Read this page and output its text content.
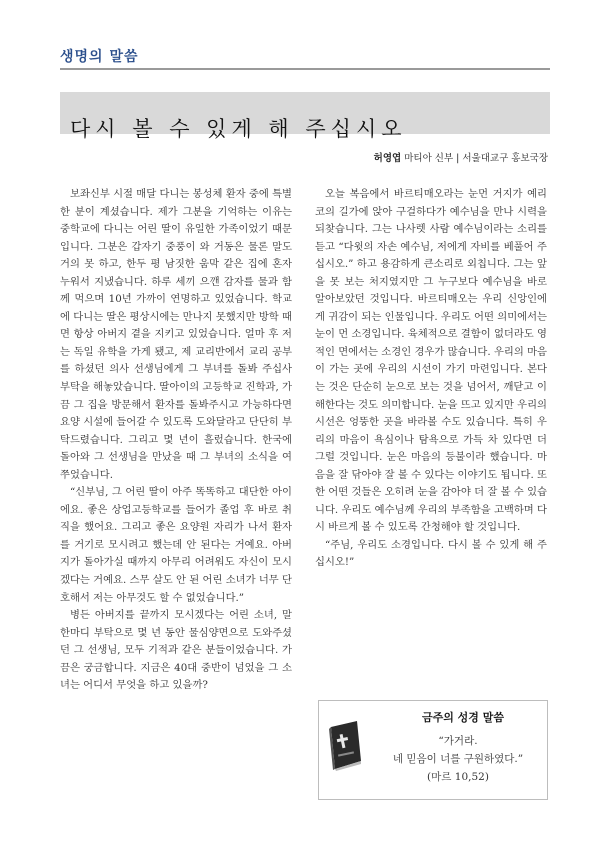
생명의 말씀
다시 볼 수 있게 해 주십시오
허영엽 마티아 신부 | 서울대교구 홍보국장

보좌신부 시절 매달 다니는 봉성체 환자 중에 특별한 분이 계셨습니다. 제가 그분을 기억하는 이유는 중학교에 다니는 어린 딸이 유일한 가족이었기 때문입니다. 그분은 갑자기 중풍이 와 거동은 물론 말도 거의 못 하고, 한두 평 남짓한 움막 같은 집에 혼자 누워서 지냈습니다. 하루 세끼 으깬 감자를 물과 함께 먹으며 10년 가까이 연명하고 있었습니다. 학교에 다니는 딸은 평상시에는 만나지 못했지만 방학 때면 항상 아버지 곁을 지키고 있었습니다. 얼마 후 저는 독일 유학을 가게 됐고, 제 교리반에서 교리 공부를 하셨던 의사 선생님에게 그 부녀를 돌봐 주십사 부탁을 해놓았습니다. 딸아이의 고등학교 진학과, 가끔 그 집을 방문해서 환자를 돌봐주시고 가능하다면 요양 시설에 들어갈 수 있도록 도와달라고 단단히 부탁드렸습니다. 그리고 몇 년이 흘렀습니다. 한국에 돌아와 그 선생님을 만났을 때 그 부녀의 소식을 여쭈었습니다.

“신부님, 그 어린 딸이 아주 똑똑하고 대단한 아이에요. 좋은 상업고등학교를 들어가 졸업 후 바로 취직을 했어요. 그리고 좋은 요양원 자리가 나서 환자를 거기로 모시려고 했는데 안 된다는 거예요. 아버지가 돌아가실 때까지 아무리 어려워도 자신이 모시겠다는 거예요. 스무 살도 안 된 어린 소녀가 너무 단호해서 저는 아무것도 할 수 없었습니다.”

병든 아버지를 끝까지 모시겠다는 어린 소녀, 말 한마디 부탁으로 몇 년 동안 물심양면으로 도와주셨던 그 선생님, 모두 기적과 같은 분들이었습니다. 가끔은 궁금합니다. 지금은 40대 중반이 넘었을 그 소녀는 어디서 무엇을 하고 있을까?

오늘 복음에서 바르티매오라는 눈먼 거지가 예리코의 길가에 앉아 구걸하다가 예수님을 만나 시력을 되찾습니다. 그는 나사렛 사람 예수님이라는 소리를 듣고 “다윗의 자손 예수님, 저에게 자비를 베풀어 주십시오.” 하고 용감하게 큰소리로 외칩니다. 그는 앞을 못 보는 처지였지만 그 누구보다 예수님을 바로 알아보았던 것입니다. 바르티매오는 우리 신앙인에게 귀감이 되는 인물입니다. 우리도 어떤 의미에서는 눈이 먼 소경입니다. 육체적으로 결함이 없더라도 영적인 면에서는 소경인 경우가 많습니다. 우리의 마음이 가는 곳에 우리의 시선이 가기 마련입니다. 본다는 것은 단순히 눈으로 보는 것을 넘어서, 깨닫고 이해한다는 것도 의미합니다. 눈을 뜨고 있지만 우리의 시선은 엉뚱한 곳을 바라볼 수도 있습니다. 특히 우리의 마음이 욕심이나 탐욕으로 가득 차 있다면 더 그럴 것입니다. 눈은 마음의 등불이라 했습니다. 마음을 잘 닦아야 잘 볼 수 있다는 이야기도 됩니다. 또한 어떤 것들은 오히려 눈을 감아야 더 잘 볼 수 있습니다. 우리도 예수님께 우리의 부족함을 고백하며 다시 바르게 볼 수 있도록 간청해야 할 것입니다.

“주님, 우리도 소경입니다. 다시 볼 수 있게 해 주십시오!”

금주의 성경 말씀
“가거라.
네 믿음이 너를 구원하였다.”
(마르 10,52)
